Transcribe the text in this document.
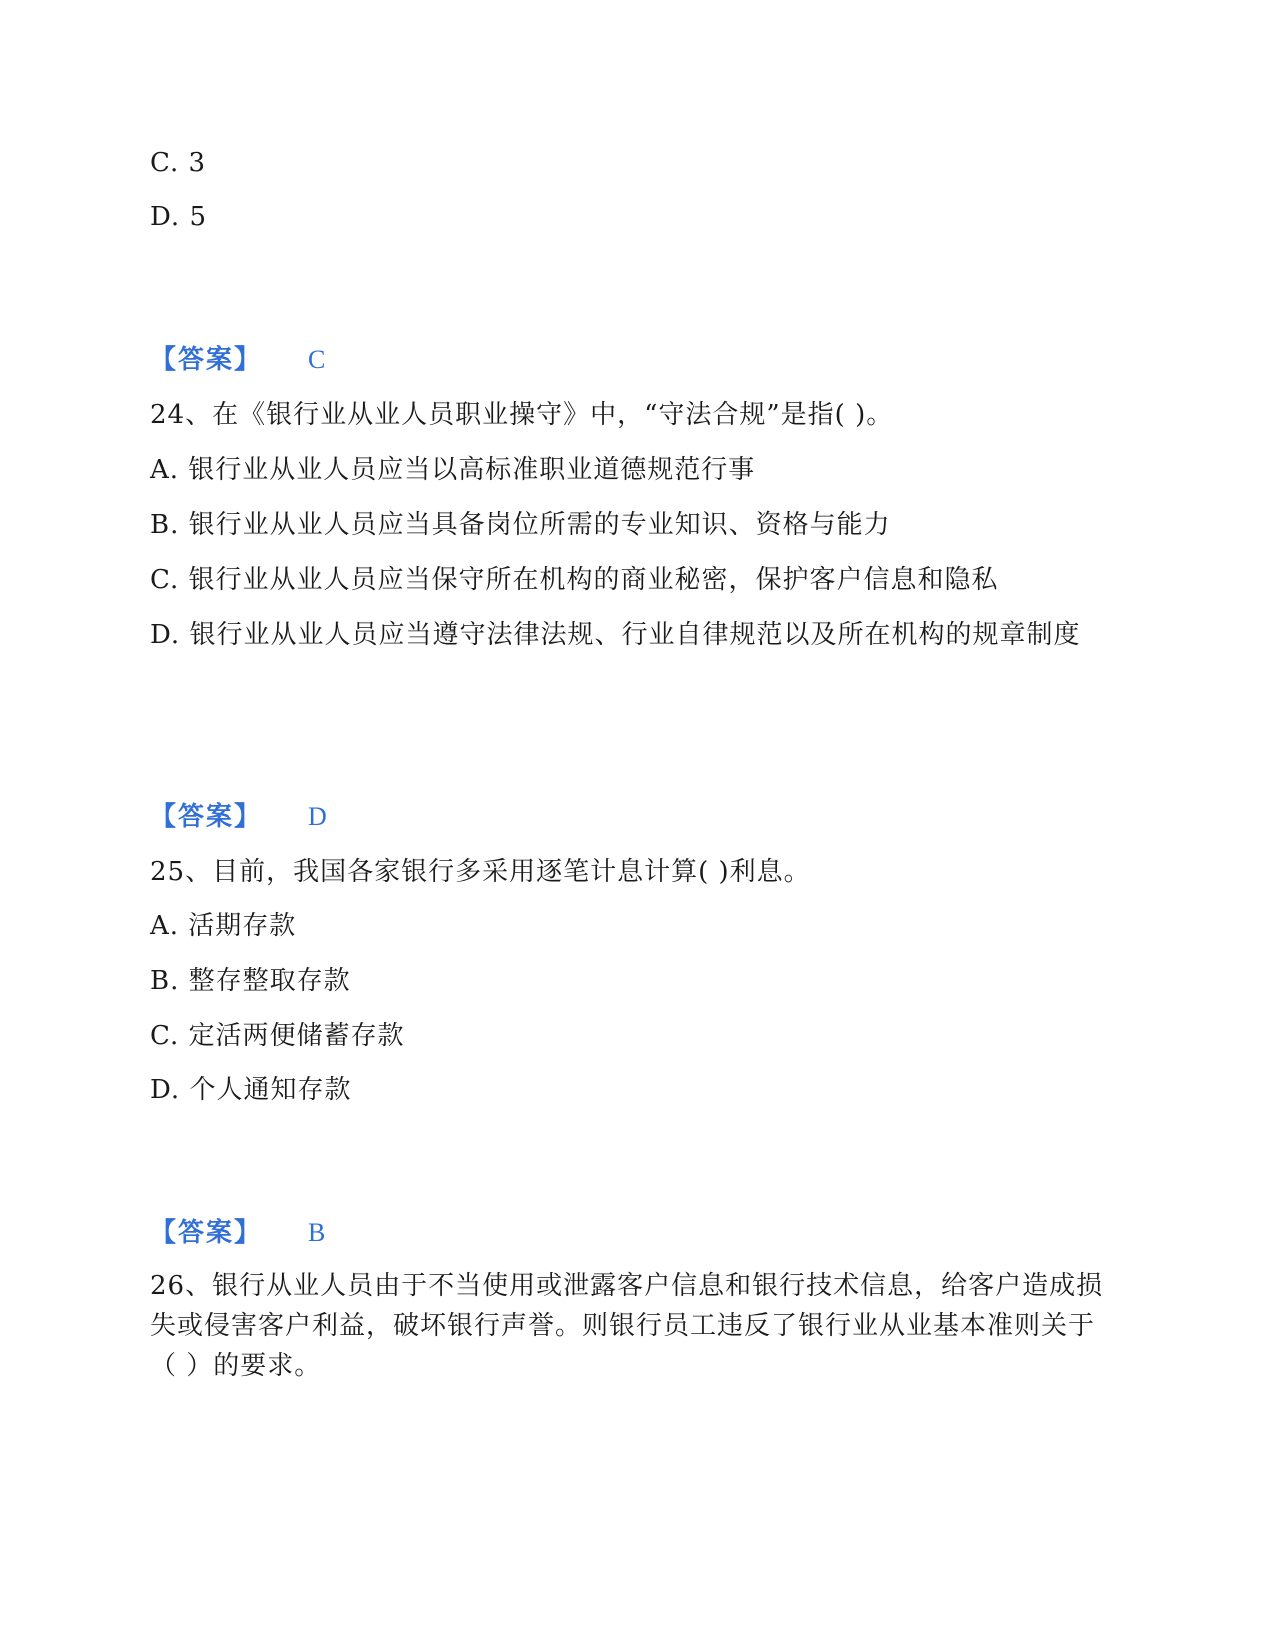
C. 3
D. 5
【答案】 C
24、在《银行业从业人员职业操守》中，“守法合规”是指( )。
A. 银行业从业人员应当以高标准职业道德规范行事
B. 银行业从业人员应当具备岗位所需的专业知识、资格与能力
C. 银行业从业人员应当保守所在机构的商业秘密，保护客户信息和隐私
D. 银行业从业人员应当遵守法律法规、行业自律规范以及所在机构的规章制度
【答案】 D
25、目前，我国各家银行多采用逐笔计息计算( )利息。
A. 活期存款
B. 整存整取存款
C. 定活两便储蓄存款
D. 个人通知存款
【答案】 B
26、银行从业人员由于不当使用或泄露客户信息和银行技术信息，给客户造成损失或侵害客户利益，破坏银行声誉。则银行员工违反了银行业从业基本准则关于（ ）的要求。
